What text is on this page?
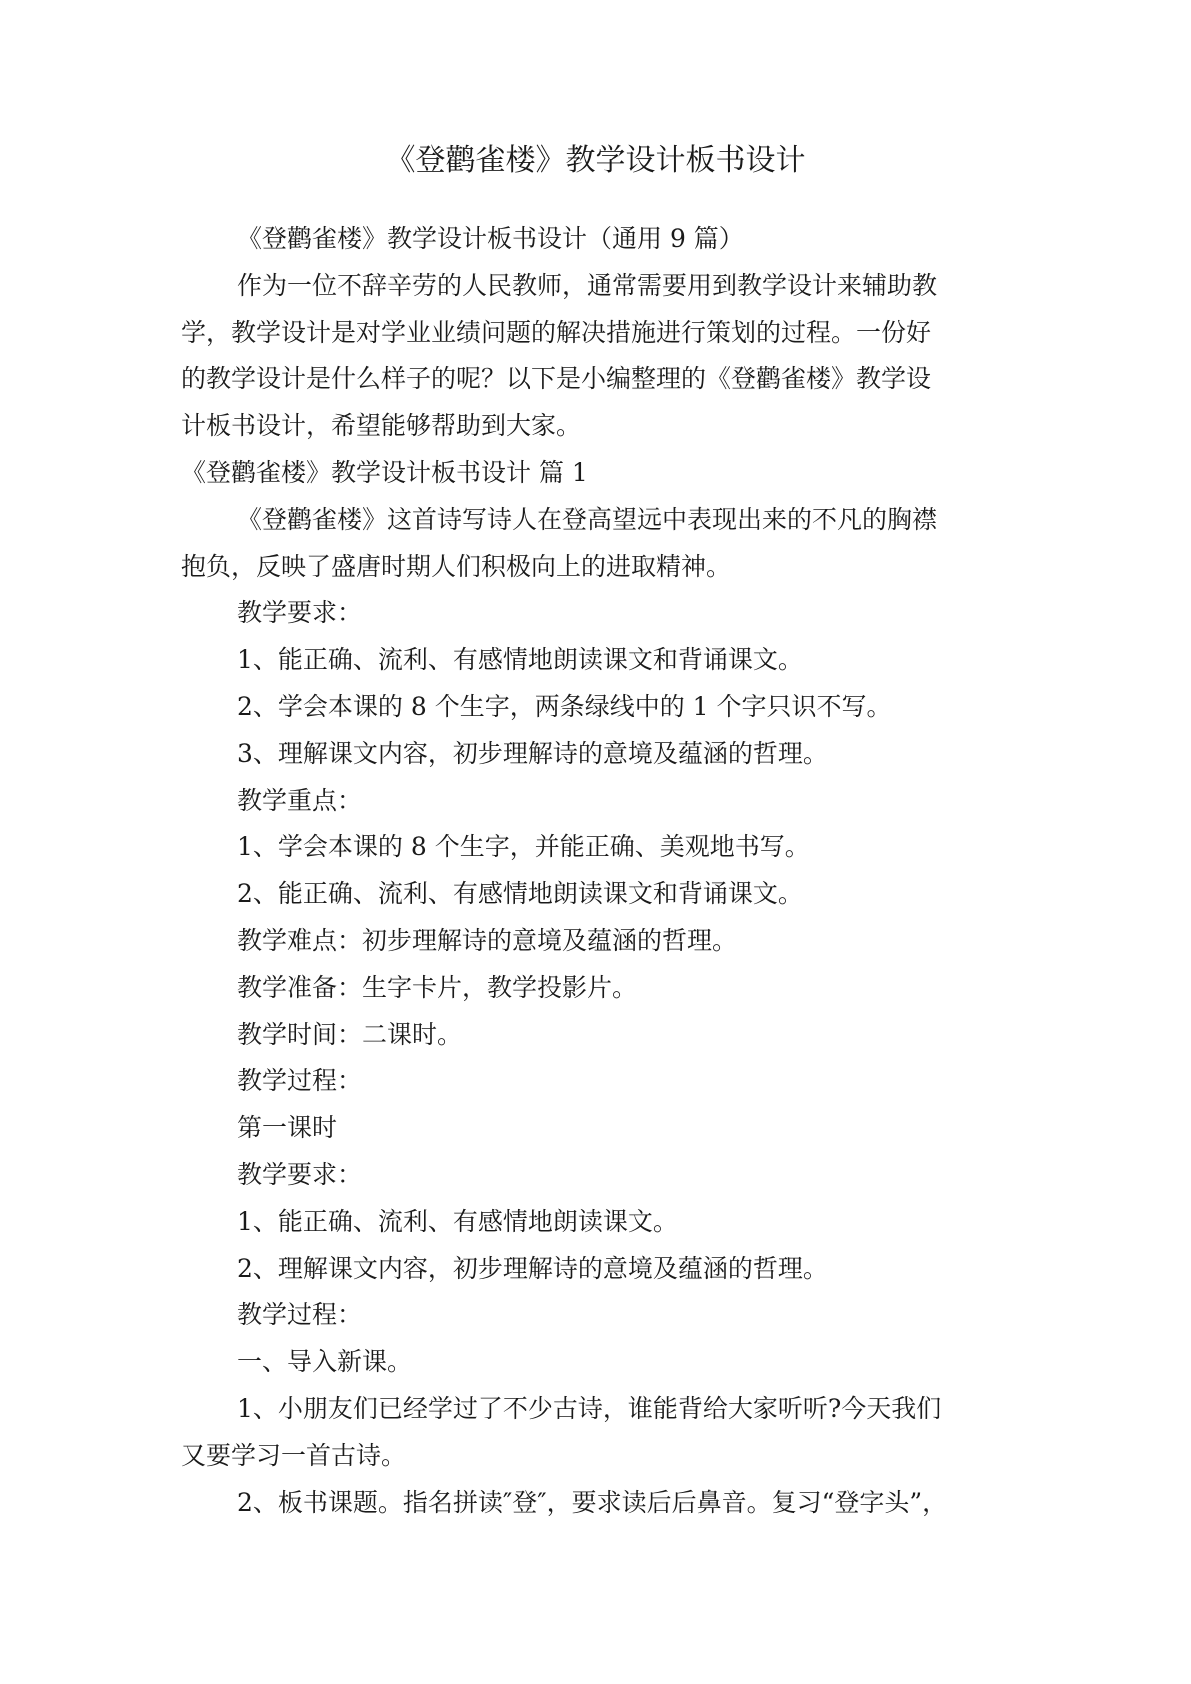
《登鹳雀楼》教学设计板书设计

《登鹳雀楼》教学设计板书设计（通用 9 篇）

作为一位不辞辛劳的人民教师，通常需要用到教学设计来辅助教

学，教学设计是对学业业绩问题的解决措施进行策划的过程。一份好
的教学设计是什么样子的呢？以下是小编整理的《登鹳雀楼》教学设
计板书设计，希望能够帮助到大家。

《登鹳雀楼》教学设计板书设计 篇 1

《登鹳雀楼》这首诗写诗人在登高望远中表现出来的不凡的胸襟

抱负，反映了盛唐时期人们积极向上的进取精神。

教学要求：

1、能正确、流利、有感情地朗读课文和背诵课文。

2、学会本课的 8 个生字，两条绿线中的 1 个字只识不写。

3、理解课文内容，初步理解诗的意境及蕴涵的哲理。

教学重点：

1、学会本课的 8 个生字，并能正确、美观地书写。

2、能正确、流利、有感情地朗读课文和背诵课文。

教学难点：初步理解诗的意境及蕴涵的哲理。

教学准备：生字卡片，教学投影片。

教学时间：二课时。

教学过程：

第一课时

教学要求：

1、能正确、流利、有感情地朗读课文。

2、理解课文内容，初步理解诗的意境及蕴涵的哲理。

教学过程：

一、导入新课。

1、小朋友们已经学过了不少古诗，谁能背给大家听听?今天我们

又要学习一首古诗。

2、板书课题。指名拼读″登″，要求读后后鼻音。复习“登字头”，
